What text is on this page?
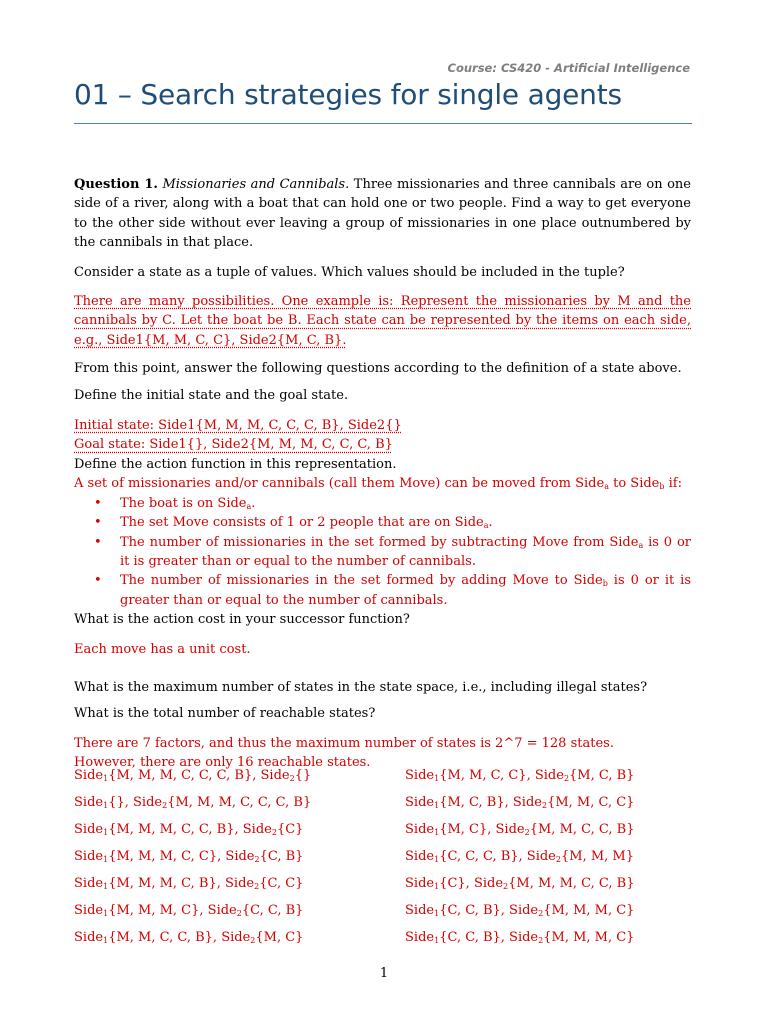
Course: CS420 - Artificial Intelligence
01 – Search strategies for single agents

Question 1. Missionaries and Cannibals. Three missionaries and three cannibals are on one side of a river, along with a boat that can hold one or two people. Find a way to get everyone to the other side without ever leaving a group of missionaries in one place outnumbered by the cannibals in that place.

Consider a state as a tuple of values. Which values should be included in the tuple?

There are many possibilities. One example is: Represent the missionaries by M and the cannibals by C. Let the boat be B. Each state can be represented by the items on each side, e.g., Side1{M, M, C, C}, Side2{M, C, B}.

From this point, answer the following questions according to the definition of a state above.

Define the initial state and the goal state.

Initial state: Side1{M, M, M, C, C, C, B}, Side2{}

Goal state: Side1{}, Side2{M, M, M, C, C, C, B}

Define the action function in this representation.

A set of missionaries and/or cannibals (call them Move) can be moved from Side$_a$ to Side$_b$ if:

• The boat is on Side$_a$.
• The set Move consists of 1 or 2 people that are on Side$_a$.
• The number of missionaries in the set formed by subtracting Move from Side$_a$ is 0 or it is greater than or equal to the number of cannibals.
• The number of missionaries in the set formed by adding Move to Side$_b$ is 0 or it is greater than or equal to the number of cannibals.

What is the action cost in your successor function?

Each move has a unit cost.

What is the maximum number of states in the state space, i.e., including illegal states?

What is the total number of reachable states?

There are 7 factors, and thus the maximum number of states is 2^7 = 128 states.

However, there are only 16 reachable states.

Side$_1${M, M, M, C, C, C, B}, Side$_2${}	Side$_1${M, M, C, C}, Side$_2${M, C, B}
Side$_1${}, Side$_2${M, M, M, C, C, C, B}	Side$_1${M, C, B}, Side$_2${M, M, C, C}
Side$_1${M, M, M, C, C, B}, Side$_2${C}	Side$_1${M, C}, Side$_2${M, M, C, C, B}
Side$_1${M, M, M, C, C}, Side$_2${C, B}	Side$_1${C, C, C, B}, Side$_2${M, M, M}
Side$_1${M, M, M, C, B}, Side$_2${C, C}	Side$_1${C}, Side$_2${M, M, M, C, C, B}
Side$_1${M, M, M, C}, Side$_2${C, C, B}	Side$_1${C, C, B}, Side$_2${M, M, M, C}
Side$_1${M, M, C, C, B}, Side$_2${M, C}	Side$_1${C, C, B}, Side$_2${M, M, M, C}
1
